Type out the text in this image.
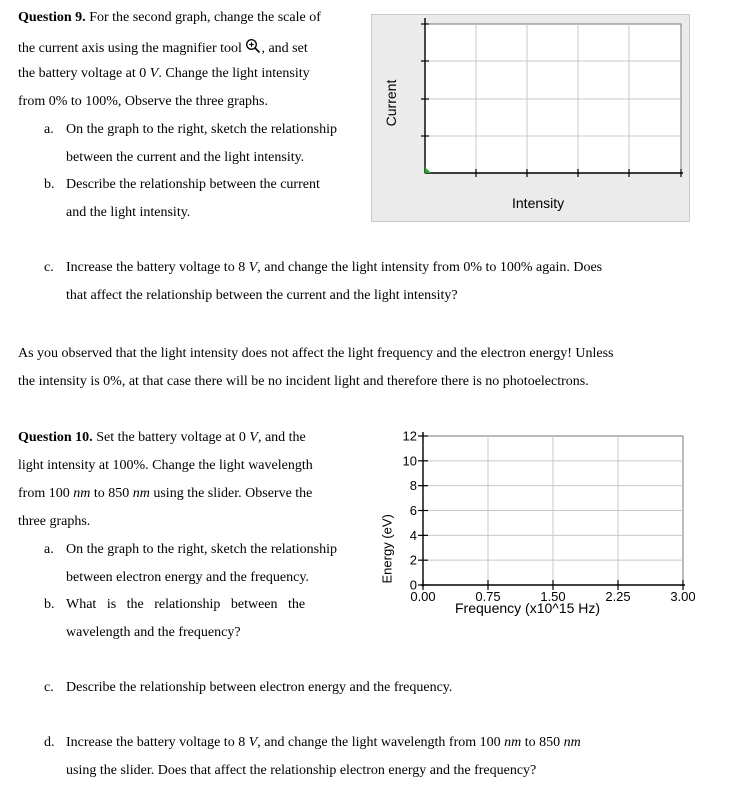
Question 9. For the second graph, change the scale of
the current axis using the magnifier tool , and set
the battery voltage at 0 V. Change the light intensity
from 0% to 100%, Observe the three graphs.
a. On the graph to the right, sketch the relationship
between the current and the light intensity.
b. Describe the relationship between the current
and the light intensity.
c. Increase the battery voltage to 8 V, and change the light intensity from 0% to 100% again. Does
that affect the relationship between the current and the light intensity?
Current
Intensity
As you observed that the light intensity does not affect the light frequency and the electron energy! Unless
the intensity is 0%, at that case there will be no incident light and therefore there is no photoelectrons.
Question 10. Set the battery voltage at 0 V, and the
light intensity at 100%. Change the light wavelength
from 100 nm to 850 nm using the slider. Observe the
three graphs.
a. On the graph to the right, sketch the relationship
between electron energy and the frequency.
b. What   is   the   relationship   between   the
wavelength and the frequency?
c. Describe the relationship between electron energy and the frequency.
d. Increase the battery voltage to 8 V, and change the light wavelength from 100 nm to 850 nm
using the slider. Does that affect the relationship electron energy and the frequency?
0
2
4
6
8
10
12
0.00	0.75	1.50	2.25	3.00
Energy (eV)
Frequency (x10^15 Hz)
